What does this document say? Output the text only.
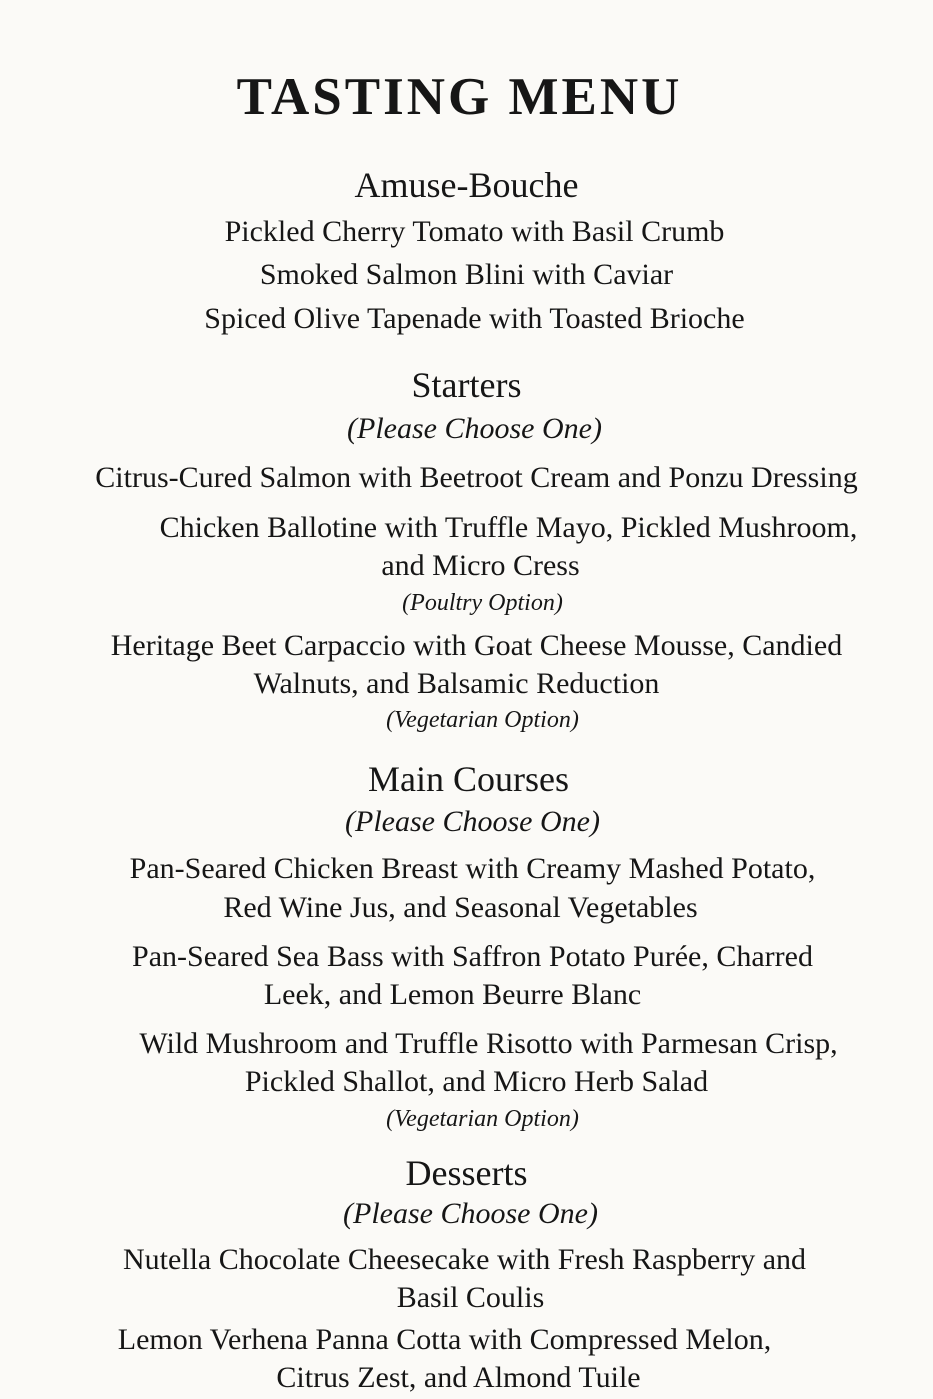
TASTING MENU
Amuse-Bouche
Pickled Cherry Tomato with Basil Crumb
Smoked Salmon Blini with Caviar
Spiced Olive Tapenade with Toasted Brioche
Starters
(Please Choose One)
Citrus-Cured Salmon with Beetroot Cream and Ponzu Dressing
Chicken Ballotine with Truffle Mayo, Pickled Mushroom,
and Micro Cress
(Poultry Option)
Heritage Beet Carpaccio with Goat Cheese Mousse, Candied
Walnuts, and Balsamic Reduction
(Vegetarian Option)
Main Courses
(Please Choose One)
Pan-Seared Chicken Breast with Creamy Mashed Potato,
Red Wine Jus, and Seasonal Vegetables
Pan-Seared Sea Bass with Saffron Potato Purée, Charred
Leek, and Lemon Beurre Blanc
Wild Mushroom and Truffle Risotto with Parmesan Crisp,
Pickled Shallot, and Micro Herb Salad
(Vegetarian Option)
Desserts
(Please Choose One)
Nutella Chocolate Cheesecake with Fresh Raspberry and
Basil Coulis
Lemon Verhena Panna Cotta with Compressed Melon,
Citrus Zest, and Almond Tuile
